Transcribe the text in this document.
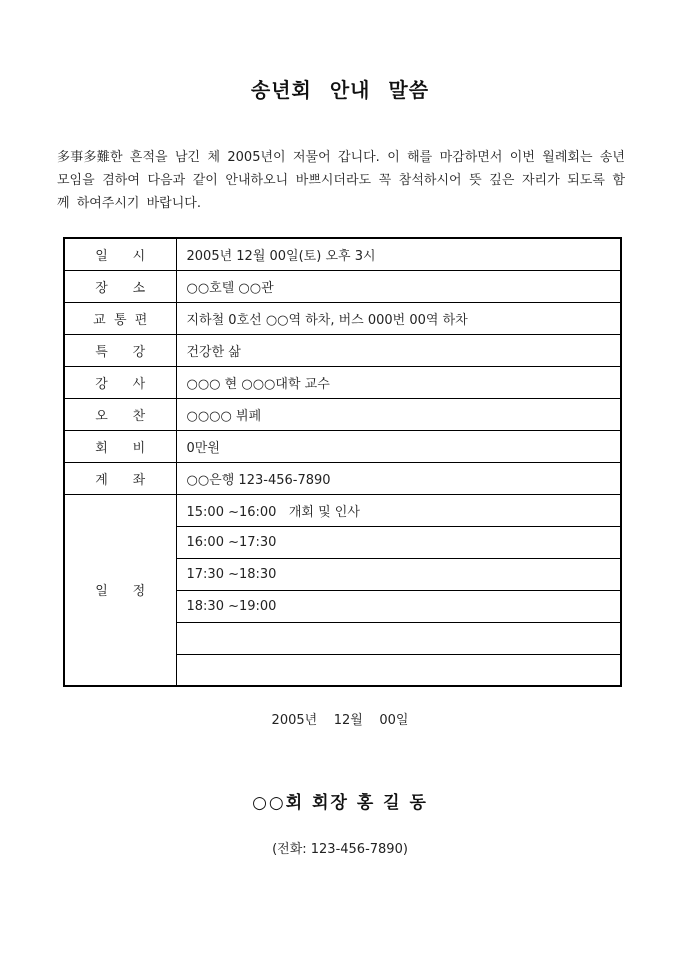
송년회 안내 말씀

多事多難한 흔적을 남긴 체 2005년이 저물어 갑니다. 이 해를 마감하면서 이번 월례회는 송년모임을 겸하여 다음과 같이 안내하오니 바쁘시더라도 꼭 참석하시어 뜻 깊은 자리가 되도록 함께 하여주시기 바랍니다.

일      시	2005년 12월 00일(토) 오후 3시
장      소	○○호텔 ○○관
교  통  편	지하철 0호선 ○○역 하차, 버스 000번 00역 하차
특      강	건강한 삶
강      사	○○○ 현 ○○○대학 교수
오      찬	○○○○ 뷔페
회      비	0만원
계      좌	○○은행 123-456-7890
일      정	15:00 ~16:00   개회 및 인사
	16:00 ~17:30
	17:30 ~18:30
	18:30 ~19:00

2005년    12월    00일
○○회 회장 홍 길 동
(전화: 123-456-7890)
